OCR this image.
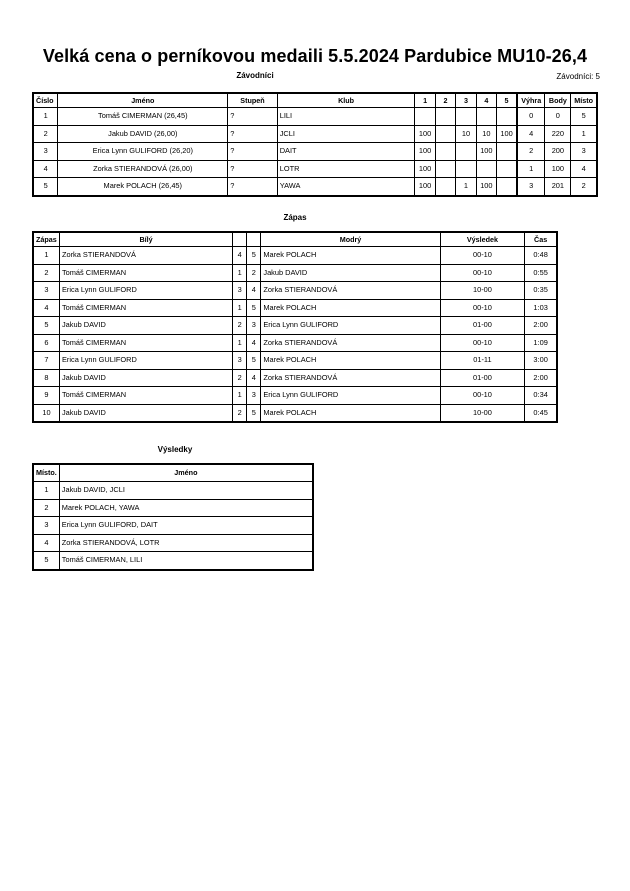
Velká cena o perníkovou medaili 5.5.2024 Pardubice MU10-26,4
Závodníci	Závodníci: 5
Číslo	Jméno	Stupeň	Klub	1	2	3	4	5	Výhra	Body	Místo
1	Tomáš CIMERMAN (26,45)	?	LILI						0	0	5
2	Jakub DAVID (26,00)	?	JCLI	100		10	10	100	4	220	1
3	Erica Lynn GULIFORD (26,20)	?	DAIT	100			100		2	200	3
4	Zorka STIERANDOVÁ (26,00)	?	LOTR	100					1	100	4
5	Marek POLACH (26,45)	?	YAWA	100		1	100		3	201	2
Zápas
Zápas	Bílý			Modrý	Výsledek	Čas
1	Zorka STIERANDOVÁ	4	5	Marek POLACH	00-10	0:48
2	Tomáš CIMERMAN	1	2	Jakub DAVID	00-10	0:55
3	Erica Lynn GULIFORD	3	4	Zorka STIERANDOVÁ	10-00	0:35
4	Tomáš CIMERMAN	1	5	Marek POLACH	00-10	1:03
5	Jakub DAVID	2	3	Erica Lynn GULIFORD	01-00	2:00
6	Tomáš CIMERMAN	1	4	Zorka STIERANDOVÁ	00-10	1:09
7	Erica Lynn GULIFORD	3	5	Marek POLACH	01-11	3:00
8	Jakub DAVID	2	4	Zorka STIERANDOVÁ	01-00	2:00
9	Tomáš CIMERMAN	1	3	Erica Lynn GULIFORD	00-10	0:34
10	Jakub DAVID	2	5	Marek POLACH	10-00	0:45
Výsledky
Místo.	Jméno
1	Jakub DAVID, JCLI
2	Marek POLACH, YAWA
3	Erica Lynn GULIFORD, DAIT
4	Zorka STIERANDOVÁ, LOTR
5	Tomáš CIMERMAN, LILI
